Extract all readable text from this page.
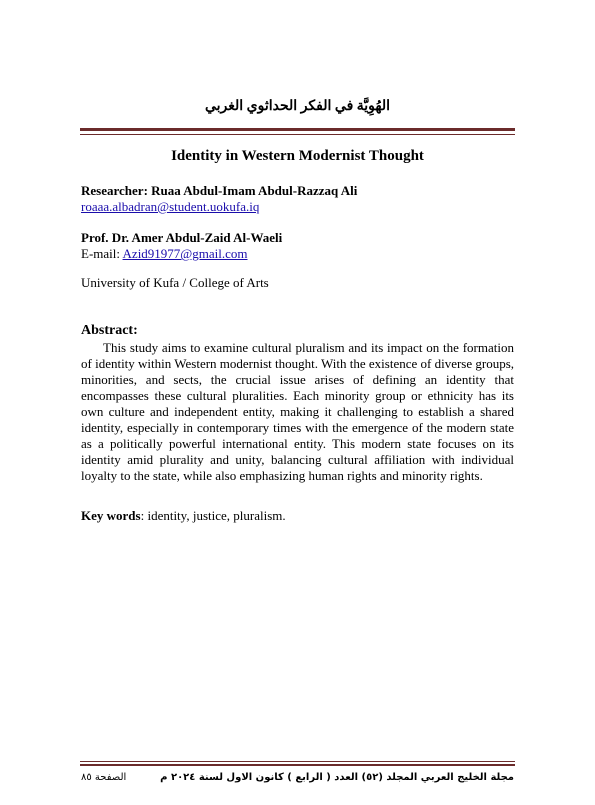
الهُوِيَّة في الفكر الحداثوي الغربي
Identity in Western Modernist Thought
Researcher: Ruaa Abdul-Imam Abdul-Razzaq Ali
roaaa.albadran@student.uokufa.iq
Prof. Dr. Amer Abdul-Zaid Al-Waeli
E-mail: Azid91977@gmail.com
University of Kufa / College of Arts
Abstract:

This study aims to examine cultural pluralism and its impact on the formation of identity within Western modernist thought. With the existence of diverse groups, minorities, and sects, the crucial issue arises of defining an identity that encompasses these cultural pluralities. Each minority group or ethnicity has its own culture and independent entity, making it challenging to establish a shared identity, especially in contemporary times with the emergence of the modern state as a politically powerful international entity. This modern state focuses on its identity amid plurality and unity, balancing cultural affiliation with individual loyalty to the state, while also emphasizing human rights and minority rights.

Key words: identity, justice, pluralism.
مجلة الخليج العربي المجلد (٥٢) العدد ( الرابع ) كانون الاول لسنة ٢٠٢٤ م
الصفحة ٨٥
